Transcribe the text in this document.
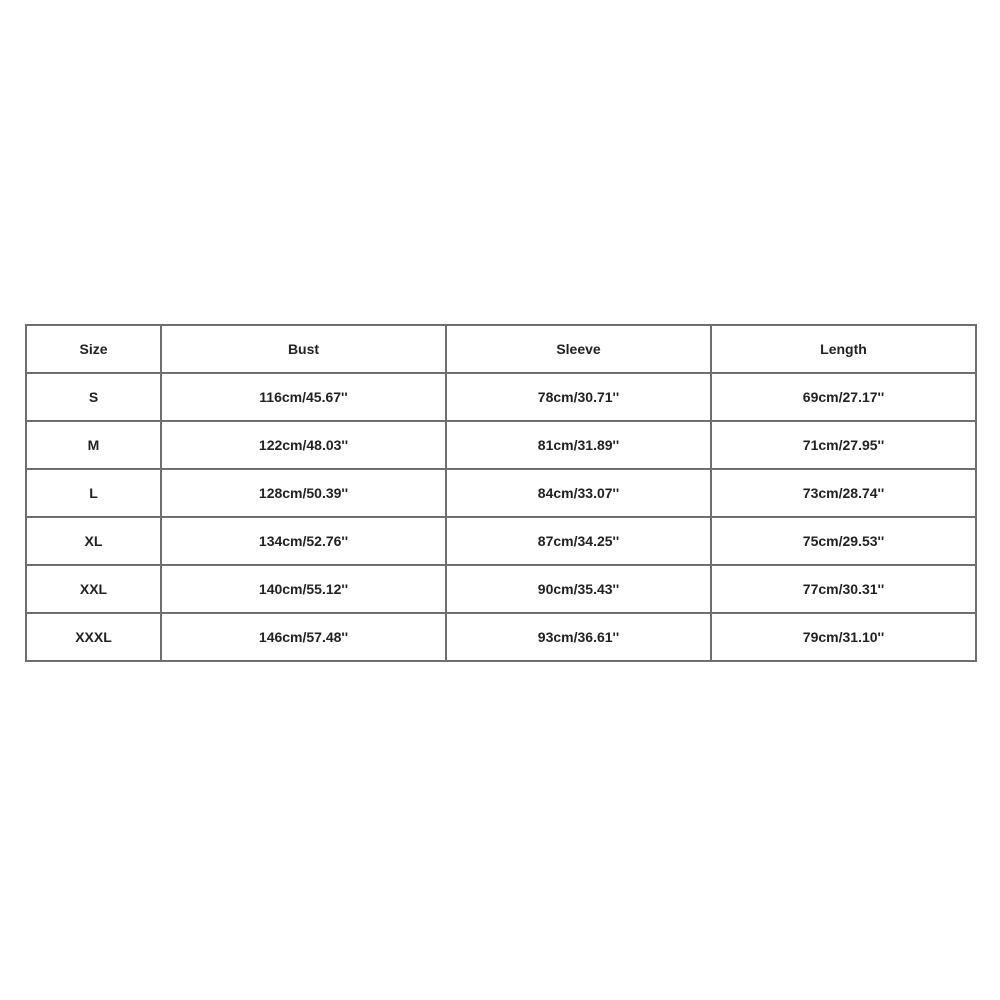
Size	Bust	Sleeve	Length
S	116cm/45.67''	78cm/30.71''	69cm/27.17''
M	122cm/48.03''	81cm/31.89''	71cm/27.95''
L	128cm/50.39''	84cm/33.07''	73cm/28.74''
XL	134cm/52.76''	87cm/34.25''	75cm/29.53''
XXL	140cm/55.12''	90cm/35.43''	77cm/30.31''
XXXL	146cm/57.48''	93cm/36.61''	79cm/31.10''
